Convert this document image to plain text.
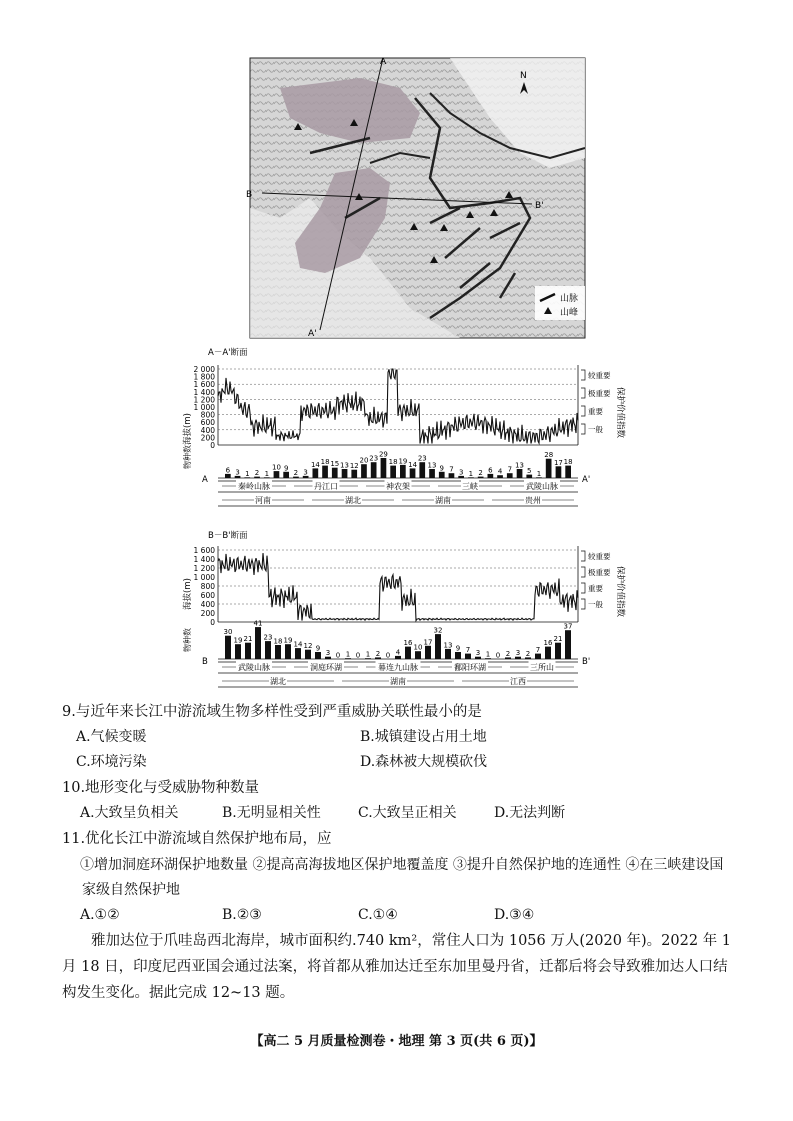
A
A'
B
B'
N
山脉
山峰
A－A'断面
海拔(m)	保护价值指数
物种数
A	A'
2 000
1 800
1 600
1 400
1 200
1 000
800
600
400
200
0
6 3 1 2 1
10 9
2 3
14 18 15 13 12
20 23
29
18 19 14
23
13 9 7 3 1 2 6 4 7
13
5 1
28
17 18
较重要
极重要
重要
一般
秦岭山脉	丹江口	神农架	三峡	武陵山脉
河南	湖北	湖南	贵州
B－B'断面
海拔(m)	保护价值指数
物种数
B	B'
1 600
1 400
1 200
1 000
800
600
400
200
0
30
19 21
41
23 18 19 14 12 9
3 0 1 0 1 2 0 4
16
10
17
32
13 9 7 3 1 0 2 3 2 7
16 21
37
较重要
极重要
重要
一般
武陵山脉	洞庭环湖	幕连九山脉	鄱阳环湖	三所山
湖北	湖南	江西
9.与近年来长江中游流域生物多样性受到严重威胁关联性最小的是
A.气候变暖	B.城镇建设占用土地
C.环境污染	D.森林被大规模砍伐
10.地形变化与受威胁物种数量
A.大致呈负相关	B.无明显相关性	C.大致呈正相关	D.无法判断
11.优化长江中游流域自然保护地布局，应
①增加洞庭环湖保护地数量 ②提高高海拔地区保护地覆盖度 ③提升自然保护地的连通性 ④在三峡建设国
家级自然保护地
A.①②	B.②③	C.①④	D.③④
雅加达位于爪哇岛西北海岸，城市面积约.740 km²，常住人口为 1056 万人(2020 年)。2022 年 1 月 18 日，印度尼西亚国会通过法案，将首都从雅加达迁至东加里曼丹省，迁都后将会导致雅加达人口结构发生变化。据此完成 12~13 题。
【高二 5 月质量检测卷・地理 第 3 页(共 6 页)】
